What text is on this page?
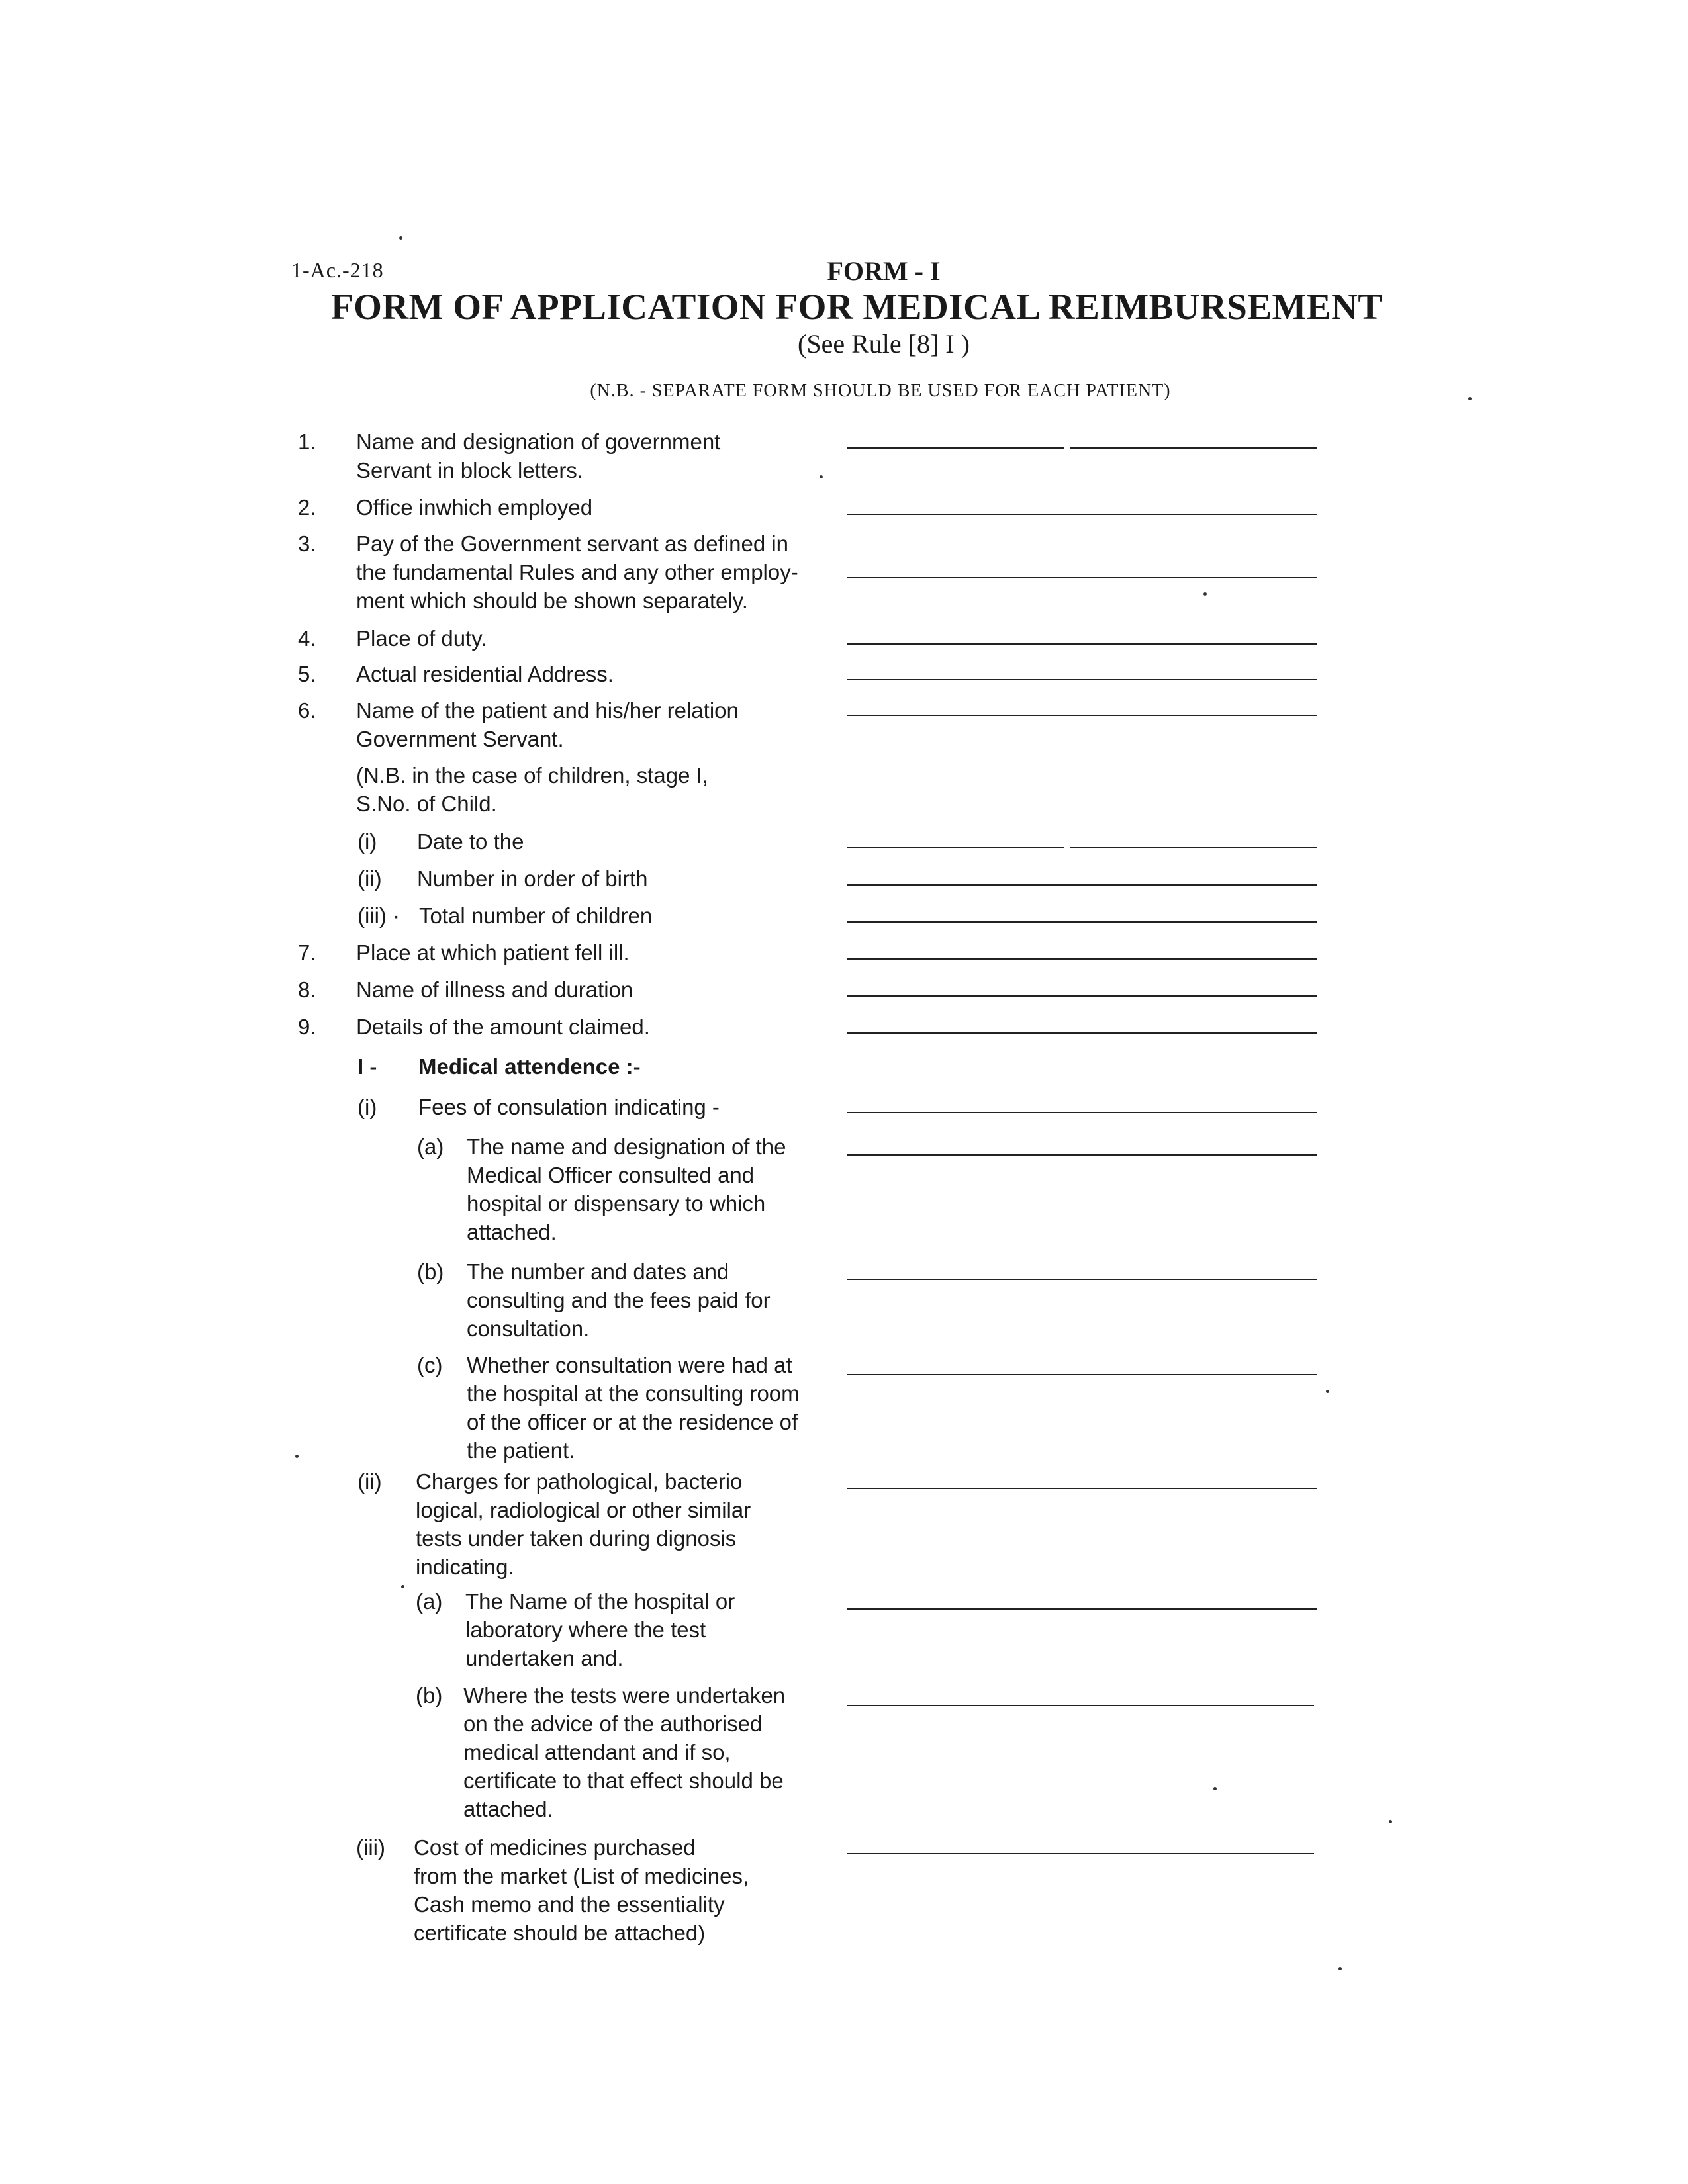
1-Ac.-218	FORM - I
FORM OF APPLICATION FOR MEDICAL REIMBURSEMENT
(See Rule [8] I )
(N.B. - SEPARATE FORM SHOULD BE USED FOR EACH PATIENT)
1. Name and designation of government
Servant in block letters.
2. Office inwhich employed
3. Pay of the Government servant as defined in
the fundamental Rules and any other employ-
ment which should be shown separately.
4. Place of duty.
5. Actual residential Address.
6. Name of the patient and his/her relation
Government Servant.
(N.B. in the case of children, stage I,
S.No. of Child.
(i) Date to the
(ii) Number in order of birth
(iii) · Total number of children
7. Place at which patient fell ill.
8. Name of illness and duration
9. Details of the amount claimed.
I - Medical attendence :-
(i) Fees of consulation indicating -
(a) The name and designation of the
Medical Officer consulted and
hospital or dispensary to which
attached.
(b) The number and dates and
consulting and the fees paid for
consultation.
(c) Whether consultation were had at
the hospital at the consulting room
of the officer or at the residence of
the patient.
(ii) Charges for pathological, bacterio
logical, radiological or other similar
tests under taken during dignosis
indicating.
(a) The Name of the hospital or
laboratory where the test
undertaken and.
(b) Where the tests were undertaken
on the advice of the authorised
medical attendant and if so,
certificate to that effect should be
attached.
(iii) Cost of medicines purchased
from the market (List of medicines,
Cash memo and the essentiality
certificate should be attached)
